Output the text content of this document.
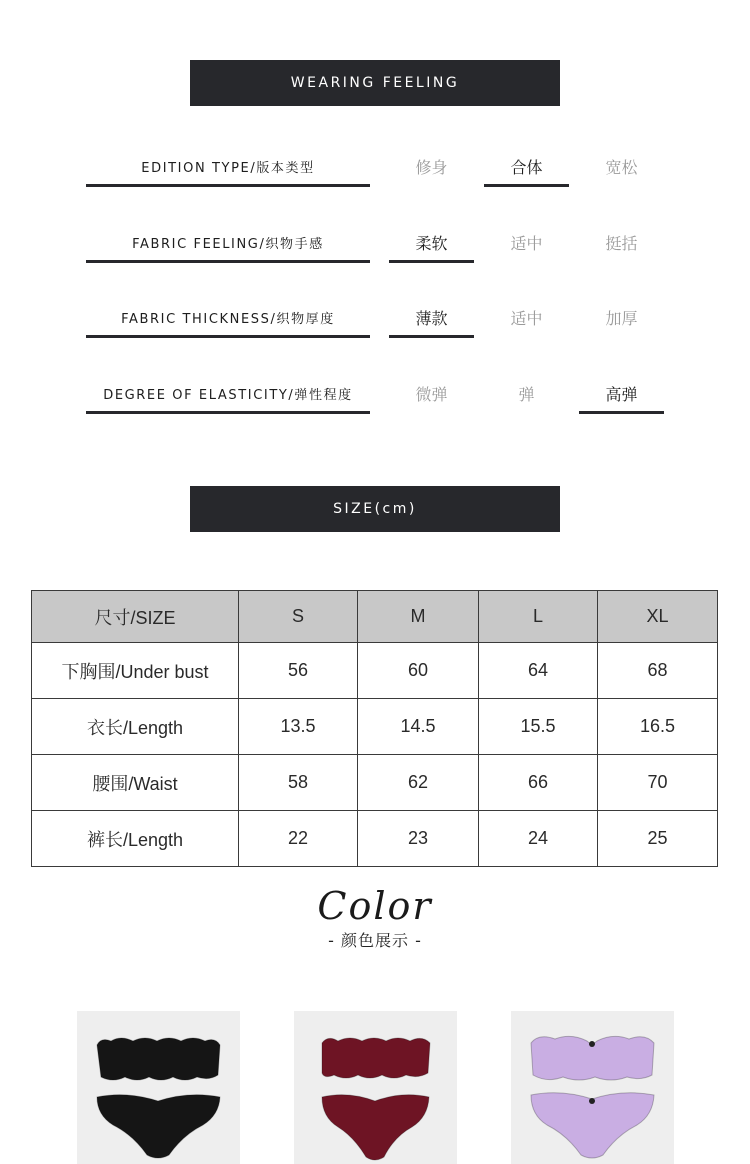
WEARING FEELING
EDITION TYPE/版本类型	修身	合体	宽松
FABRIC FEELING/织物手感	柔软	适中	挺括
FABRIC THICKNESS/织物厚度	薄款	适中	加厚
DEGREE OF ELASTICITY/弹性程度	微弹	弹	高弹
SIZE(cm)
尺寸/SIZE	S	M	L	XL
下胸围/Under bust	56	60	64	68
衣长/Length	13.5	14.5	15.5	16.5
腰围/Waist	58	62	66	70
裤长/Length	22	23	24	25
Color
- 颜色展示 -
